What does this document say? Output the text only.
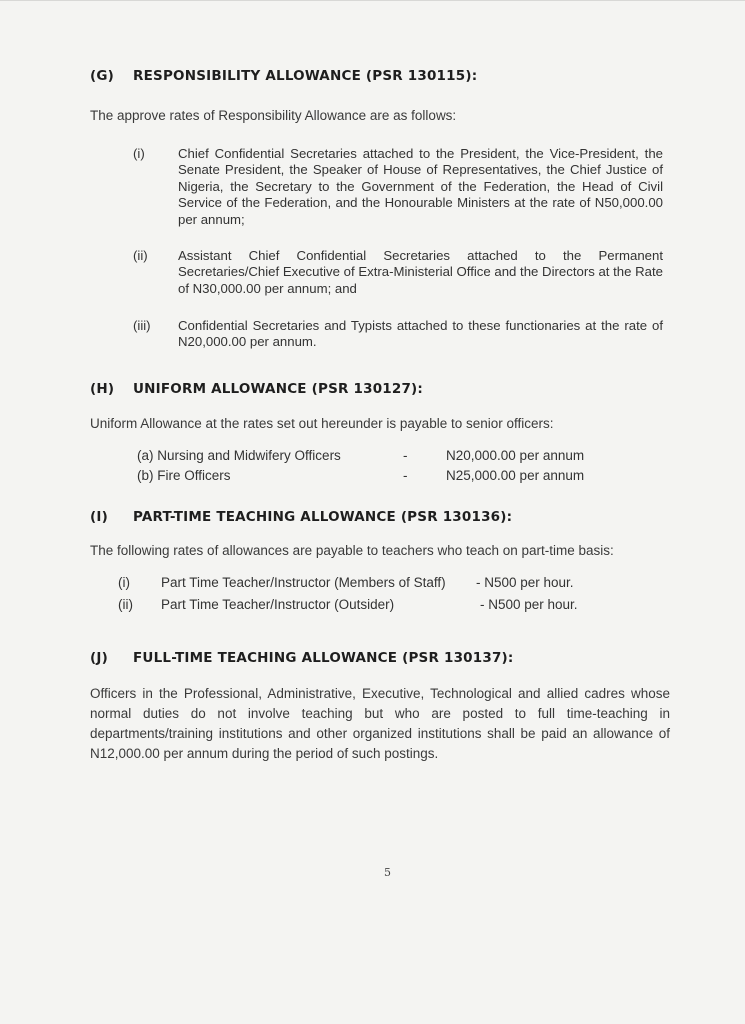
(G) RESPONSIBILITY ALLOWANCE (PSR 130115):
The approve rates of Responsibility Allowance are as follows:
(i)	Chief Confidential Secretaries attached to the President, the Vice-President, the Senate President, the Speaker of House of Representatives, the Chief Justice of Nigeria, the Secretary to the Government of the Federation, the Head of Civil Service of the Federation, and the Honourable Ministers at the rate of N50,000.00 per annum;
(ii) Assistant Chief Confidential Secretaries attached to the Permanent Secretaries/Chief Executive of Extra-Ministerial Office and the Directors at the Rate of N30,000.00 per annum; and
(iii) Confidential Secretaries and Typists attached to these functionaries at the rate of N20,000.00 per annum.
(H) UNIFORM ALLOWANCE (PSR 130127):
Uniform Allowance at the rates set out hereunder is payable to senior officers:
(a) Nursing and Midwifery Officers	-	N20,000.00 per annum
(b) Fire Officers	-	N25,000.00 per annum
(I) PART-TIME TEACHING ALLOWANCE (PSR 130136):
The following rates of allowances are payable to teachers who teach on part-time basis:
(i) Part Time Teacher/Instructor (Members of Staff) - N500 per hour.
(ii) Part Time Teacher/Instructor (Outsider)	- N500 per hour.
(J) FULL-TIME TEACHING ALLOWANCE (PSR 130137):
Officers in the Professional, Administrative, Executive, Technological and allied cadres whose normal duties do not involve teaching but who are posted to full time-teaching in departments/training institutions and other organized institutions shall be paid an allowance of N12,000.00 per annum during the period of such postings.
5
